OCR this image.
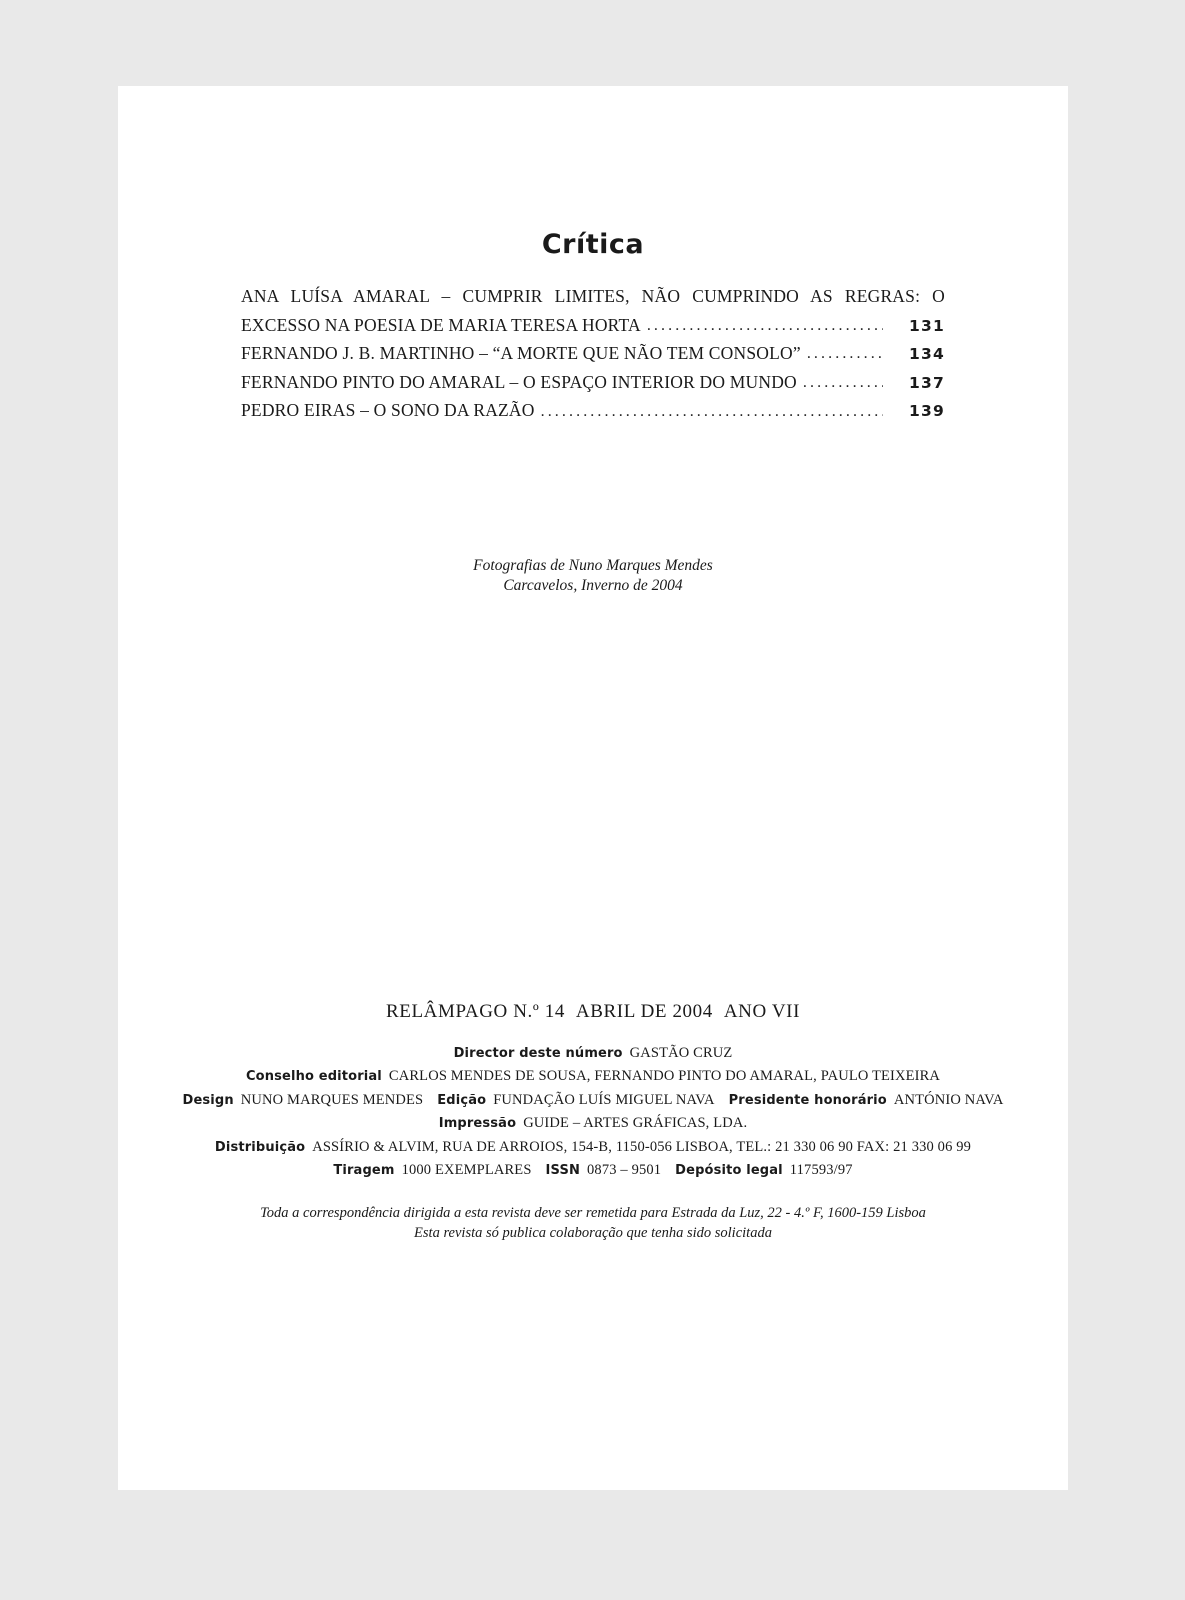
Crítica
ANA LUÍSA AMARAL – CUMPRIR LIMITES, NÃO CUMPRINDO AS REGRAS: O
EXCESSO NA POESIA DE MARIA TERESA HORTA .....	131
FERNANDO J. B. MARTINHO – “A MORTE QUE NÃO TEM CONSOLO” .....	134
FERNANDO PINTO DO AMARAL – O ESPAÇO INTERIOR DO MUNDO .....	137
PEDRO EIRAS – O SONO DA RAZÃO .....	139
Fotografias de Nuno Marques Mendes
Carcavelos, Inverno de 2004
RELÂMPAGO N.º 14 ABRIL DE 2004 ANO VII
Director deste número GASTÃO CRUZ
Conselho editorial CARLOS MENDES DE SOUSA, FERNANDO PINTO DO AMARAL, PAULO TEIXEIRA
Design NUNO MARQUES MENDES Edição FUNDAÇÃO LUÍS MIGUEL NAVA Presidente honorário ANTÓNIO NAVA
Impressão GUIDE – ARTES GRÁFICAS, LDA.
Distribuição ASSÍRIO & ALVIM, RUA DE ARROIOS, 154-B, 1150-056 LISBOA, TEL.: 21 330 06 90 FAX: 21 330 06 99
Tiragem 1000 EXEMPLARES ISSN 0873 – 9501 Depósito legal 117593/97
Toda a correspondência dirigida a esta revista deve ser remetida para Estrada da Luz, 22 - 4.º F, 1600-159 Lisboa
Esta revista só publica colaboração que tenha sido solicitada
